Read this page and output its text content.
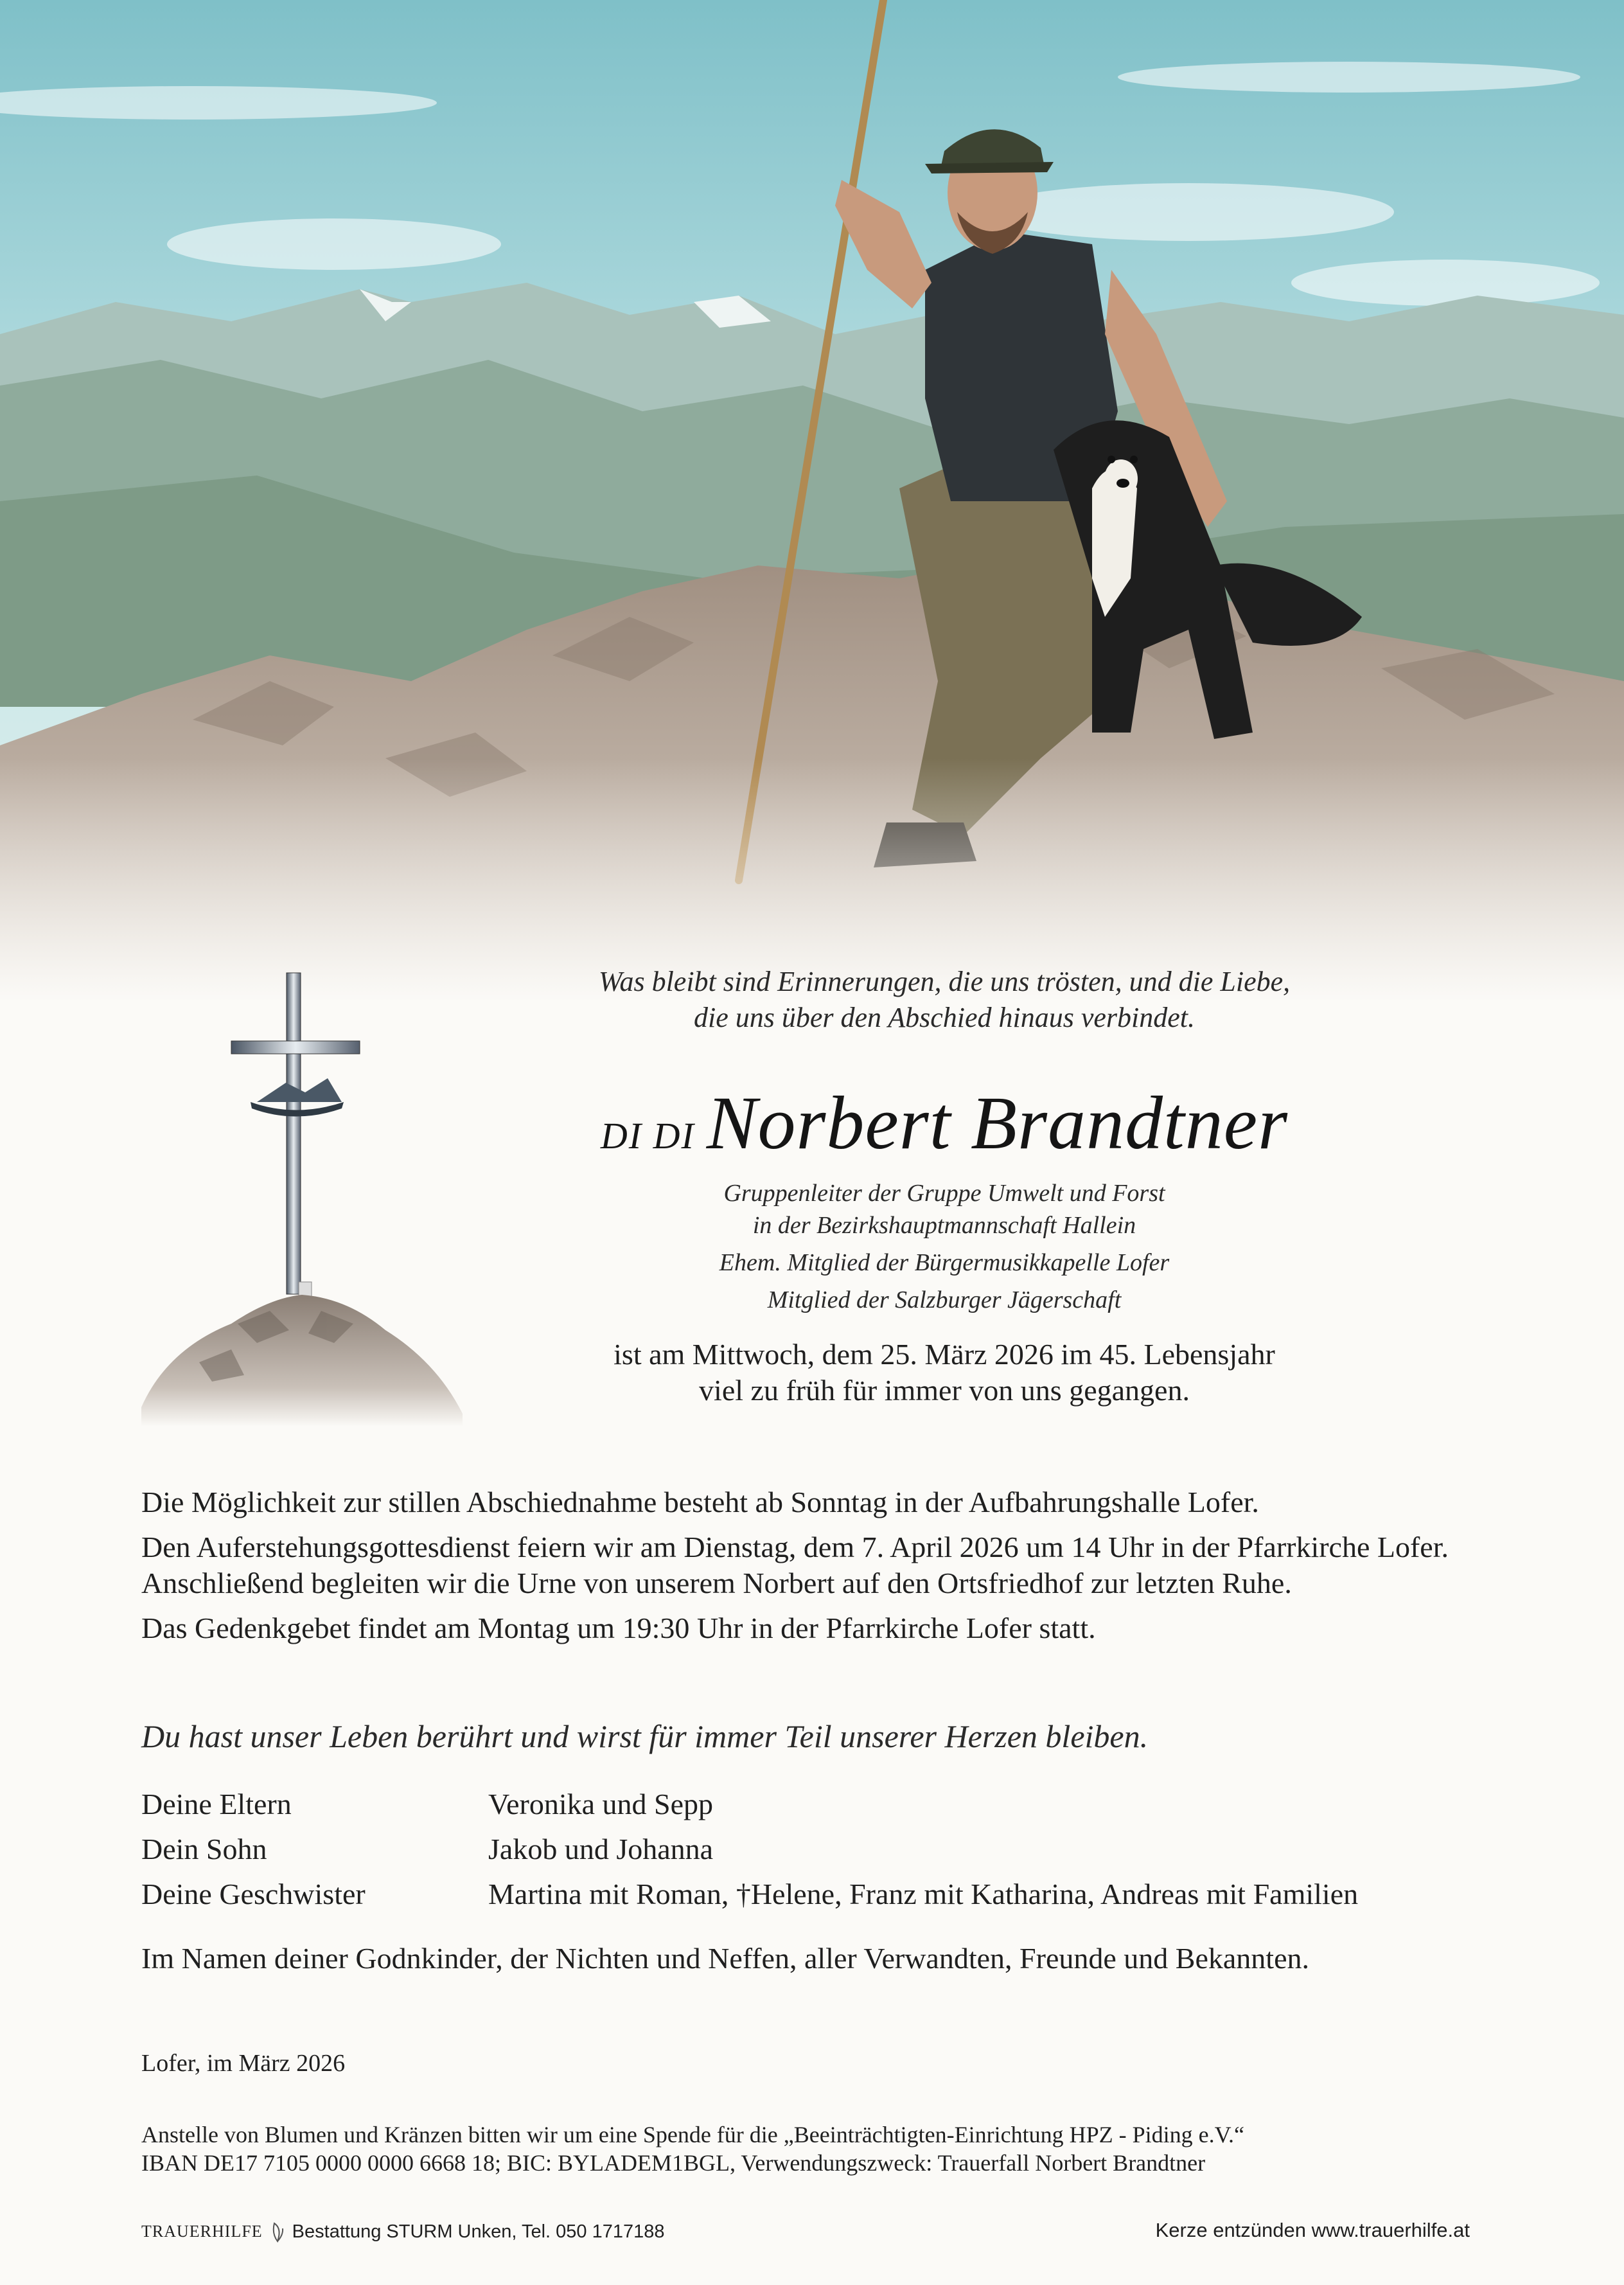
Was bleibt sind Erinnerungen, die uns trösten, und die Liebe,
die uns über den Abschied hinaus verbindet.
DI DI Norbert Brandtner
Gruppenleiter der Gruppe Umwelt und Forst
in der Bezirkshauptmannschaft Hallein
Ehem. Mitglied der Bürgermusikkapelle Lofer
Mitglied der Salzburger Jägerschaft
ist am Mittwoch, dem 25. März 2026 im 45. Lebensjahr
viel zu früh für immer von uns gegangen.

Die Möglichkeit zur stillen Abschiednahme besteht ab Sonntag in der Aufbahrungshalle Lofer.

Den Auferstehungsgottesdienst feiern wir am Dienstag, dem 7. April 2026 um 14 Uhr in der Pfarrkirche Lofer. Anschließend begleiten wir die Urne von unserem Norbert auf den Ortsfriedhof zur letzten Ruhe.

Das Gedenkgebet findet am Montag um 19:30 Uhr in der Pfarrkirche Lofer statt.

Du hast unser Leben berührt und wirst für immer Teil unserer Herzen bleiben.
Deine Eltern	Veronika und Sepp
Dein Sohn	Jakob und Johanna
Deine Geschwister	Martina mit Roman, †Helene, Franz mit Katharina, Andreas mit Familien
Im Namen deiner Godnkinder, der Nichten und Neffen, aller Verwandten, Freunde und Bekannten.
Lofer, im März 2026
Anstelle von Blumen und Kränzen bitten wir um eine Spende für die „Beeinträchtigten-Einrichtung HPZ - Piding e.V.“
IBAN DE17 7105 0000 0000 6668 18; BIC: BYLADEM1BGL, Verwendungszweck: Trauerfall Norbert Brandtner
TRAUERHILFE Bestattung STURM Unken, Tel. 050 1717188	Kerze entzünden www.trauerhilfe.at
